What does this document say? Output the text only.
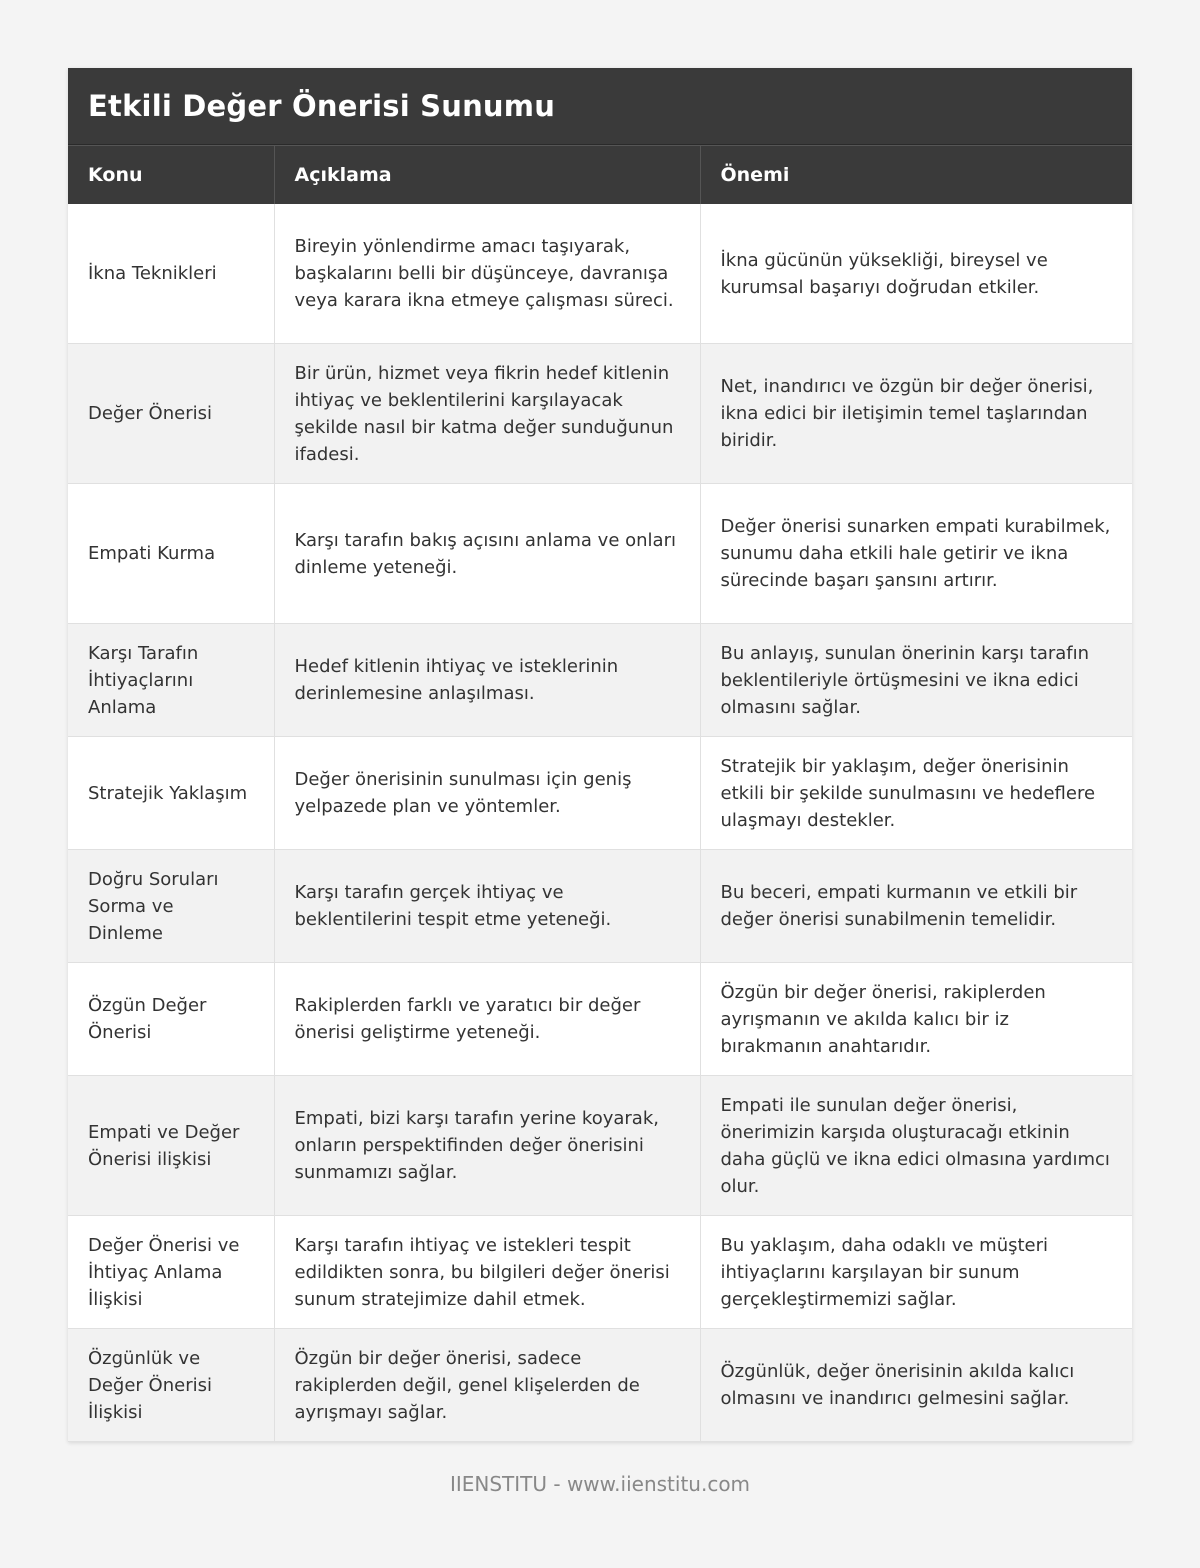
Etkili Değer Önerisi Sunumu
Konu	Açıklama	Önemi
İkna Teknikleri	Bireyin yönlendirme amacı taşıyarak, başkalarını belli bir düşünceye, davranışa veya karara ikna etmeye çalışması süreci.	İkna gücünün yüksekliği, bireysel ve kurumsal başarıyı doğrudan etkiler.
Değer Önerisi	Bir ürün, hizmet veya fikrin hedef kitlenin ihtiyaç ve beklentilerini karşılayacak şekilde nasıl bir katma değer sunduğunun ifadesi.	Net, inandırıcı ve özgün bir değer önerisi, ikna edici bir iletişimin temel taşlarından biridir.
Empati Kurma	Karşı tarafın bakış açısını anlama ve onları dinleme yeteneği.	Değer önerisi sunarken empati kurabilmek, sunumu daha etkili hale getirir ve ikna sürecinde başarı şansını artırır.
Karşı Tarafın İhtiyaçlarını Anlama	Hedef kitlenin ihtiyaç ve isteklerinin derinlemesine anlaşılması.	Bu anlayış, sunulan önerinin karşı tarafın beklentileriyle örtüşmesini ve ikna edici olmasını sağlar.
Stratejik Yaklaşım	Değer önerisinin sunulması için geniş yelpazede plan ve yöntemler.	Stratejik bir yaklaşım, değer önerisinin etkili bir şekilde sunulmasını ve hedeflere ulaşmayı destekler.
Doğru Soruları Sorma ve Dinleme	Karşı tarafın gerçek ihtiyaç ve beklentilerini tespit etme yeteneği.	Bu beceri, empati kurmanın ve etkili bir değer önerisi sunabilmenin temelidir.
Özgün Değer Önerisi	Rakiplerden farklı ve yaratıcı bir değer önerisi geliştirme yeteneği.	Özgün bir değer önerisi, rakiplerden ayrışmanın ve akılda kalıcı bir iz bırakmanın anahtarıdır.
Empati ve Değer Önerisi ilişkisi	Empati, bizi karşı tarafın yerine koyarak, onların perspektifinden değer önerisini sunmamızı sağlar.	Empati ile sunulan değer önerisi, önerimizin karşıda oluşturacağı etkinin daha güçlü ve ikna edici olmasına yardımcı olur.
Değer Önerisi ve İhtiyaç Anlama İlişkisi	Karşı tarafın ihtiyaç ve istekleri tespit edildikten sonra, bu bilgileri değer önerisi sunum stratejimize dahil etmek.	Bu yaklaşım, daha odaklı ve müşteri ihtiyaçlarını karşılayan bir sunum gerçekleştirmemizi sağlar.
Özgünlük ve Değer Önerisi İlişkisi	Özgün bir değer önerisi, sadece rakiplerden değil, genel klişelerden de ayrışmayı sağlar.	Özgünlük, değer önerisinin akılda kalıcı olmasını ve inandırıcı gelmesini sağlar.
IIENSTITU - www.iienstitu.com
